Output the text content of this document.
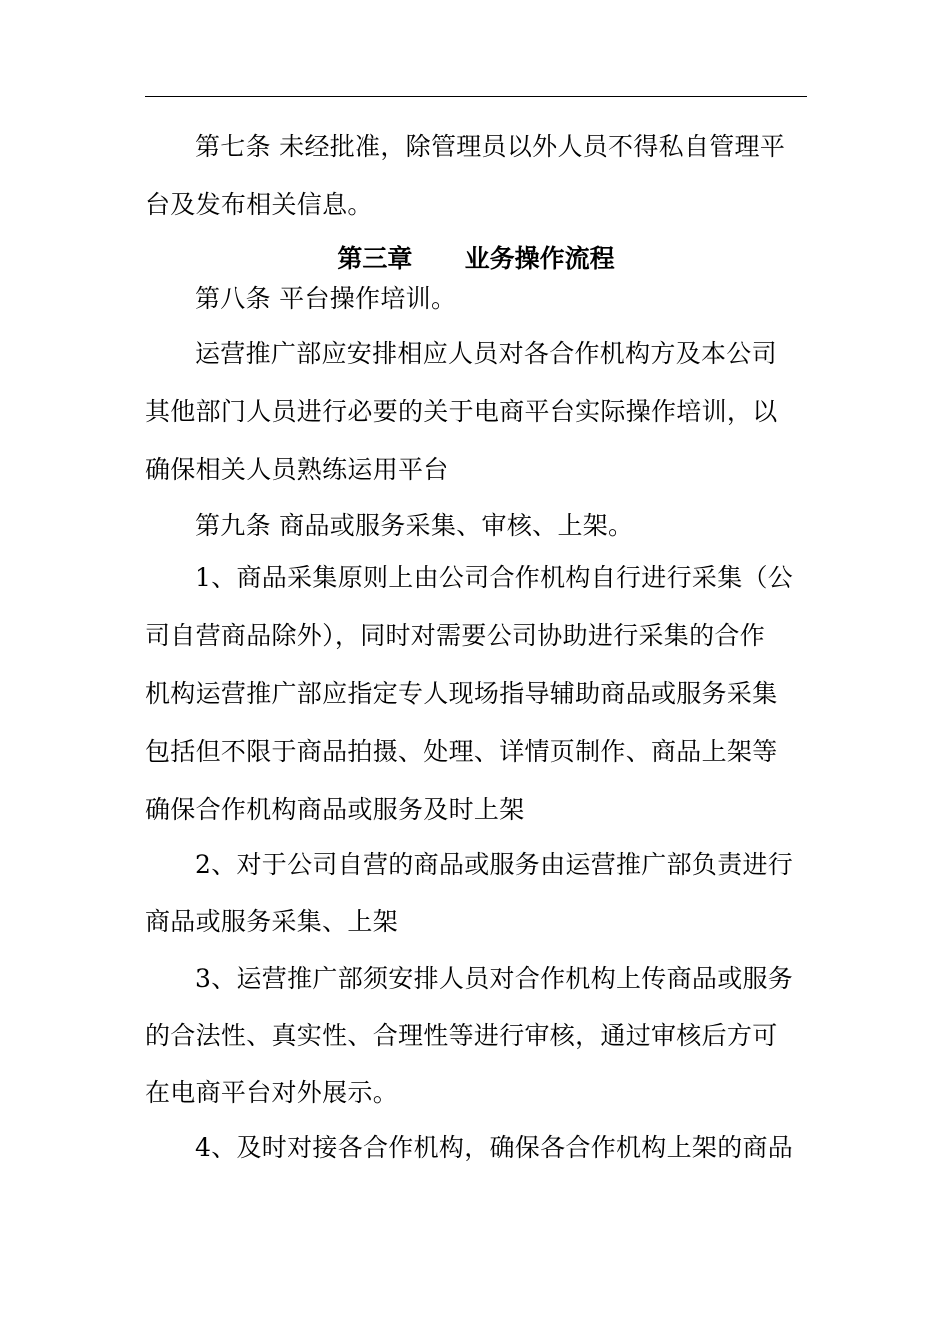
第七条 未经批准，除管理员以外人员不得私自管理平
台及发布相关信息。
第三章      业务操作流程
第八条 平台操作培训。
运营推广部应安排相应人员对各合作机构方及本公司
其他部门人员进行必要的关于电商平台实际操作培训，以
确保相关人员熟练运用平台
第九条 商品或服务采集、审核、上架。
1、商品采集原则上由公司合作机构自行进行采集（公
司自营商品除外），同时对需要公司协助进行采集的合作
机构运营推广部应指定专人现场指导辅助商品或服务采集
包括但不限于商品拍摄、处理、详情页制作、商品上架等
确保合作机构商品或服务及时上架
2、对于公司自营的商品或服务由运营推广部负责进行
商品或服务采集、上架
3、运营推广部须安排人员对合作机构上传商品或服务
的合法性、真实性、合理性等进行审核，通过审核后方可
在电商平台对外展示。
4、及时对接各合作机构，确保各合作机构上架的商品
